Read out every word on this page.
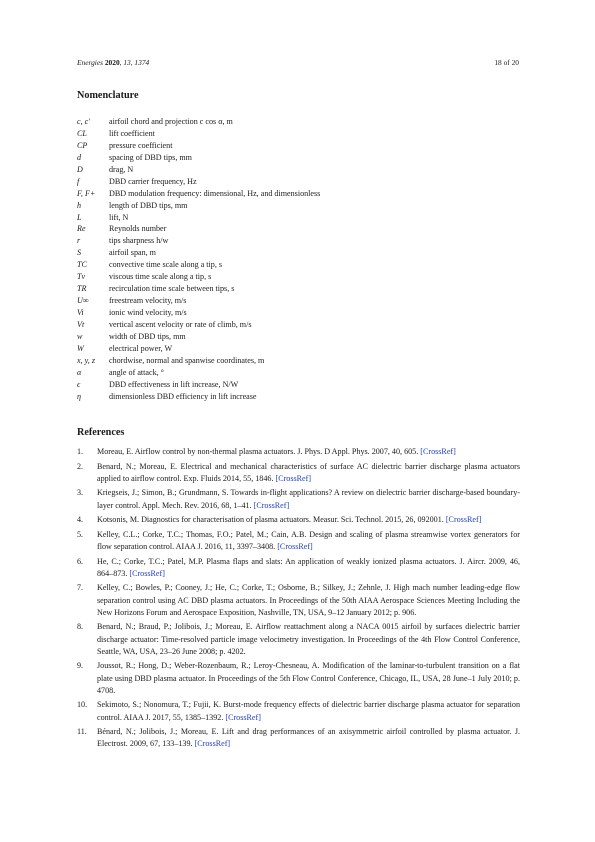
Energies 2020, 13, 1374	18 of 20
Nomenclature
c, c′	airfoil chord and projection c cos α, m
CL	lift coefficient
CP	pressure coefficient
d	spacing of DBD tips, mm
D	drag, N
f	DBD carrier frequency, Hz
F, F+	DBD modulation frequency: dimensional, Hz, and dimensionless
h	length of DBD tips, mm
L	lift, N
Re	Reynolds number
r	tips sharpness h/w
S	airfoil span, m
TC	convective time scale along a tip, s
Tν	viscous time scale along a tip, s
TR	recirculation time scale between tips, s
U∞	freestream velocity, m/s
Vi	ionic wind velocity, m/s
Vt	vertical ascent velocity or rate of climb, m/s
w	width of DBD tips, mm
W	electrical power, W
x, y, z	chordwise, normal and spanwise coordinates, m
α	angle of attack, °
ϵ	DBD effectiveness in lift increase, N/W
η	dimensionless DBD efficiency in lift increase
References
1.	Moreau, E. Airflow control by non-thermal plasma actuators. J. Phys. D Appl. Phys. 2007, 40, 605. [CrossRef]
2.	Benard, N.; Moreau, E. Electrical and mechanical characteristics of surface AC dielectric barrier discharge plasma actuators applied to airflow control. Exp. Fluids 2014, 55, 1846. [CrossRef]
3.	Kriegseis, J.; Simon, B.; Grundmann, S. Towards in-flight applications? A review on dielectric barrier discharge-based boundary-layer control. Appl. Mech. Rev. 2016, 68, 1–41. [CrossRef]
4.	Kotsonis, M. Diagnostics for characterisation of plasma actuators. Measur. Sci. Technol. 2015, 26, 092001. [CrossRef]
5.	Kelley, C.L.; Corke, T.C.; Thomas, F.O.; Patel, M.; Cain, A.B. Design and scaling of plasma streamwise vortex generators for flow separation control. AIAA J. 2016, 11, 3397–3408. [CrossRef]
6.	He, C.; Corke, T.C.; Patel, M.P. Plasma flaps and slats: An application of weakly ionized plasma actuators. J. Aircr. 2009, 46, 864–873. [CrossRef]
7.	Kelley, C.; Bowles, P.; Cooney, J.; He, C.; Corke, T.; Osborne, B.; Silkey, J.; Zehnle, J. High mach number leading-edge flow separation control using AC DBD plasma actuators. In Proceedings of the 50th AIAA Aerospace Sciences Meeting Including the New Horizons Forum and Aerospace Exposition, Nashville, TN, USA, 9–12 January 2012; p. 906.
8.	Benard, N.; Braud, P.; Jolibois, J.; Moreau, E. Airflow reattachment along a NACA 0015 airfoil by surfaces dielectric barrier discharge actuator: Time-resolved particle image velocimetry investigation. In Proceedings of the 4th Flow Control Conference, Seattle, WA, USA, 23–26 June 2008; p. 4202.
9.	Joussot, R.; Hong, D.; Weber-Rozenbaum, R.; Leroy-Chesneau, A. Modification of the laminar-to-turbulent transition on a flat plate using DBD plasma actuator. In Proceedings of the 5th Flow Control Conference, Chicago, IL, USA, 28 June–1 July 2010; p. 4708.
10.	Sekimoto, S.; Nonomura, T.; Fujii, K. Burst-mode frequency effects of dielectric barrier discharge plasma actuator for separation control. AIAA J. 2017, 55, 1385–1392. [CrossRef]
11.	Bénard, N.; Jolibois, J.; Moreau, E. Lift and drag performances of an axisymmetric airfoil controlled by plasma actuator. J. Electrost. 2009, 67, 133–139. [CrossRef]
